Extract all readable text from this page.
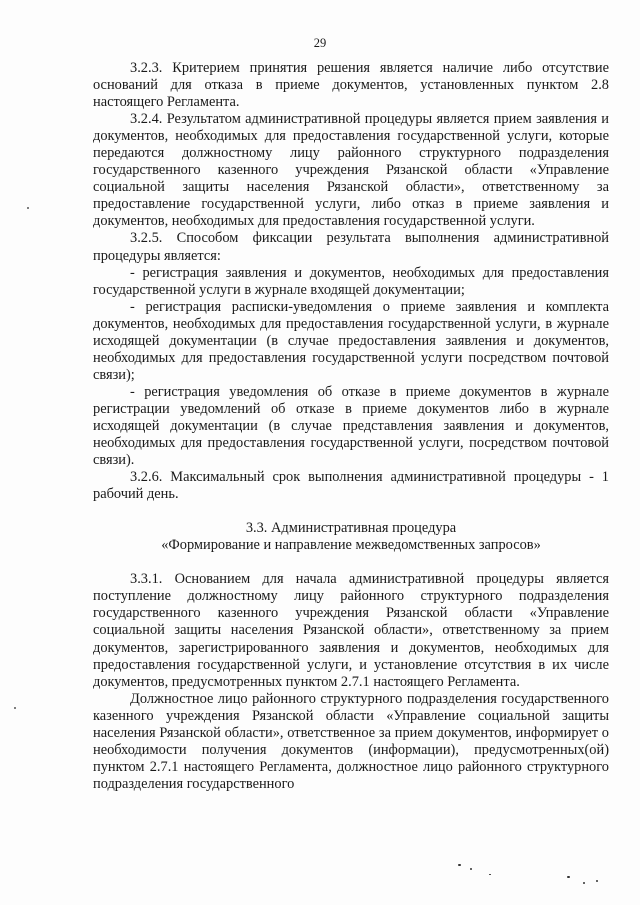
29

3.2.3. Критерием принятия решения является наличие либо отсутствие оснований для отказа в приеме документов, установленных пунктом 2.8 настоящего Регламента.

3.2.4. Результатом административной процедуры является прием заявления и документов, необходимых для предоставления государственной услуги, которые передаются должностному лицу районного структурного подразделения государственного казенного учреждения Рязанской области «Управление социальной защиты населения Рязанской области», ответственному за предоставление государственной услуги, либо отказ в приеме заявления и документов, необходимых для предоставления государственной услуги.

3.2.5. Способом фиксации результата выполнения административной процедуры является:

- регистрация заявления и документов, необходимых для предоставления государственной услуги в журнале входящей документации;

- регистрация расписки-уведомления о приеме заявления и комплекта документов, необходимых для предоставления государственной услуги, в журнале исходящей документации (в случае предоставления заявления и документов, необходимых для предоставления государственной услуги посредством почтовой связи);

- регистрация уведомления об отказе в приеме документов в журнале регистрации уведомлений об отказе в приеме документов либо в журнале исходящей документации (в случае представления заявления и документов, необходимых для предоставления государственной услуги, посредством почтовой связи).

3.2.6. Максимальный срок выполнения административной процедуры - 1 рабочий день.

3.3. Административная процедура

«Формирование и направление межведомственных запросов»

3.3.1. Основанием для начала административной процедуры является поступление должностному лицу районного структурного подразделения государственного казенного учреждения Рязанской области «Управление социальной защиты населения Рязанской области», ответственному за прием документов, зарегистрированного заявления и документов, необходимых для предоставления государственной услуги, и установление отсутствия в их числе документов, предусмотренных пунктом 2.7.1 настоящего Регламента.

Должностное лицо районного структурного подразделения государственного казенного учреждения Рязанской области «Управление социальной защиты населения Рязанской области», ответственное за прием документов, информирует о необходимости получения документов (информации), предусмотренных(ой) пунктом 2.7.1 настоящего Регламента, должностное лицо районного структурного подразделения государственного
